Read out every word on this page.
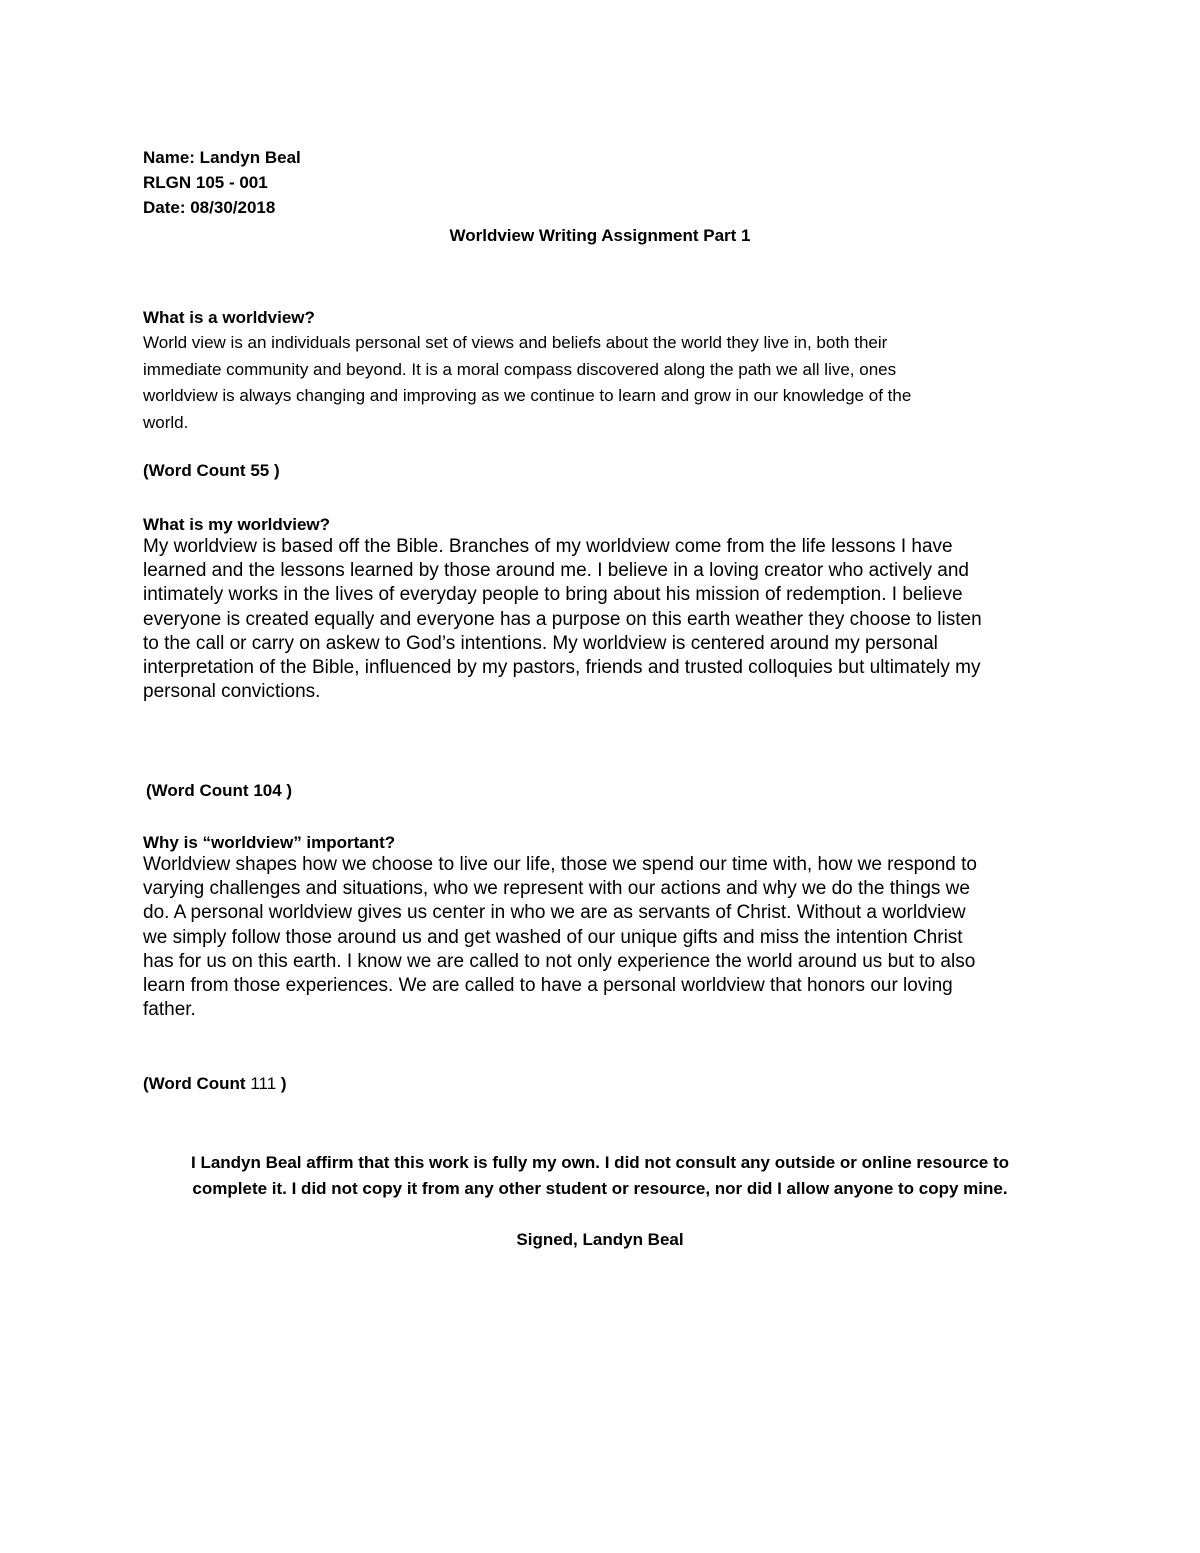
Name: Landyn Beal
RLGN 105 - 001
Date: 08/30/2018
Worldview Writing Assignment Part 1
What is a worldview?
World view is an individuals personal set of views and beliefs about the world they live in, both their
immediate community and beyond. It is a moral compass discovered along the path we all live, ones
worldview is always changing and improving as we continue to learn and grow in our knowledge of the
world.
(Word Count 55 )
What is my worldview?
My worldview is based off the Bible. Branches of my worldview come from the life lessons I have
learned and the lessons learned by those around me. I believe in a loving creator who actively and
intimately works in the lives of everyday people to bring about his mission of redemption. I believe
everyone is created equally and everyone has a purpose on this earth weather they choose to listen
to the call or carry on askew to God’s intentions. My worldview is centered around my personal
interpretation of the Bible, influenced by my pastors, friends and trusted colloquies but ultimately my
personal convictions.
(Word Count 104 )
Why is “worldview” important?
Worldview shapes how we choose to live our life, those we spend our time with, how we respond to
varying challenges and situations, who we represent with our actions and why we do the things we
do. A personal worldview gives us center in who we are as servants of Christ. Without a worldview
we simply follow those around us and get washed of our unique gifts and miss the intention Christ
has for us on this earth. I know we are called to not only experience the world around us but to also
learn from those experiences. We are called to have a personal worldview that honors our loving
father.
(Word Count 111 )
I Landyn Beal affirm that this work is fully my own. I did not consult any outside or online resource to
complete it. I did not copy it from any other student or resource, nor did I allow anyone to copy mine.
Signed, Landyn Beal
